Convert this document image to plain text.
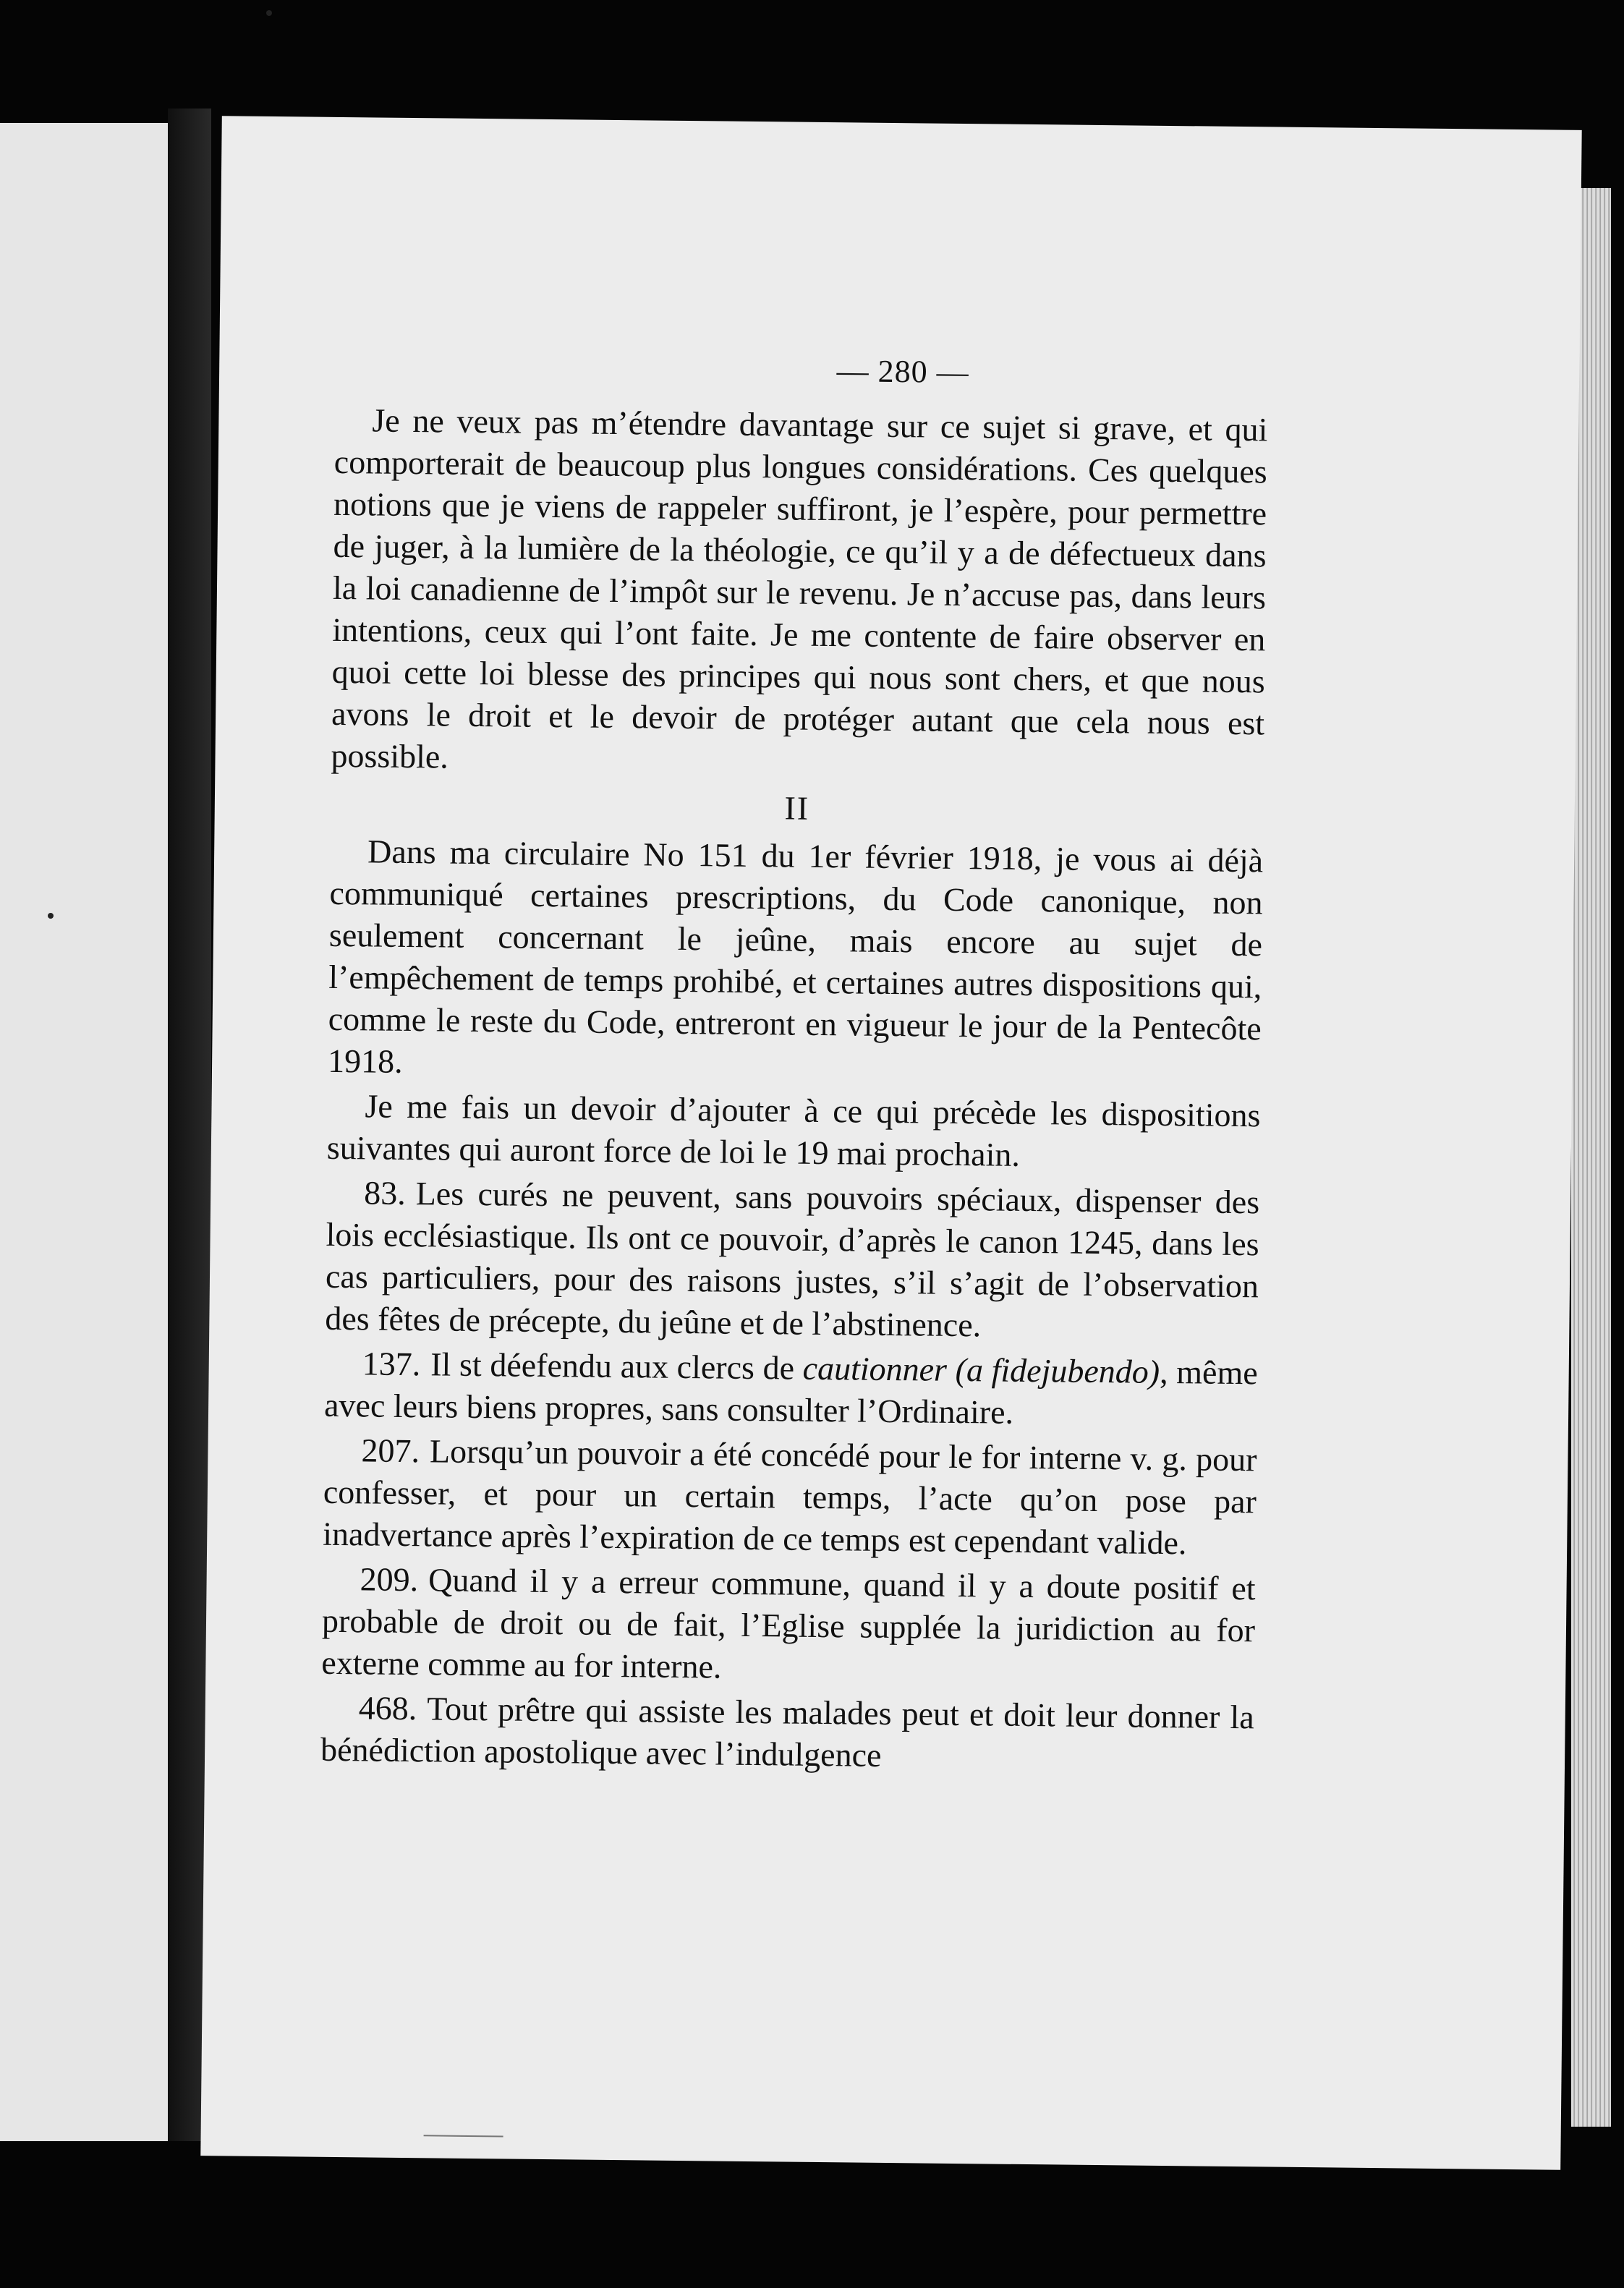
— 280 —

Je ne veux pas m’étendre davantage sur ce sujet si grave, et qui comporterait de beaucoup plus longues considérations. Ces quelques notions que je viens de rappeler suffiront, je l’espère, pour permettre de juger, à la lumière de la théologie, ce qu’il y a de défectueux dans la loi canadienne de l’impôt sur le revenu. Je n’accuse pas, dans leurs intentions, ceux qui l’ont faite. Je me contente de faire observer en quoi cette loi blesse des principes qui nous sont chers, et que nous avons le droit et le devoir de protéger autant que cela nous est possible.

II

Dans ma circulaire No 151 du 1er février 1918, je vous ai déjà communiqué certaines prescriptions, du Code canonique, non seulement concernant le jeûne, mais encore au sujet de l’empêchement de temps prohibé, et certaines autres dispositions qui, comme le reste du Code, entreront en vigueur le jour de la Pentecôte 1918.

Je me fais un devoir d’ajouter à ce qui précède les dispositions suivantes qui auront force de loi le 19 mai prochain.

83. Les curés ne peuvent, sans pouvoirs spéciaux, dispenser des lois ecclésiastique. Ils ont ce pouvoir, d’après le canon 1245, dans les cas particuliers, pour des raisons justes, s’il s’agit de l’observation des fêtes de précepte, du jeûne et de l’abstinence.

137. Il st déefendu aux clercs de cautionner (a fidejubendo), même avec leurs biens propres, sans consulter l’Ordinaire.

207. Lorsqu’un pouvoir a été concédé pour le for interne v. g. pour confesser, et pour un certain temps, l’acte qu’on pose par inadvertance après l’expiration de ce temps est cependant valide.

209. Quand il y a erreur commune, quand il y a doute positif et probable de droit ou de fait, l’Eglise supplée la juridiction au for externe comme au for interne.

468. Tout prêtre qui assiste les malades peut et doit leur donner la bénédiction apostolique avec l’indulgence
